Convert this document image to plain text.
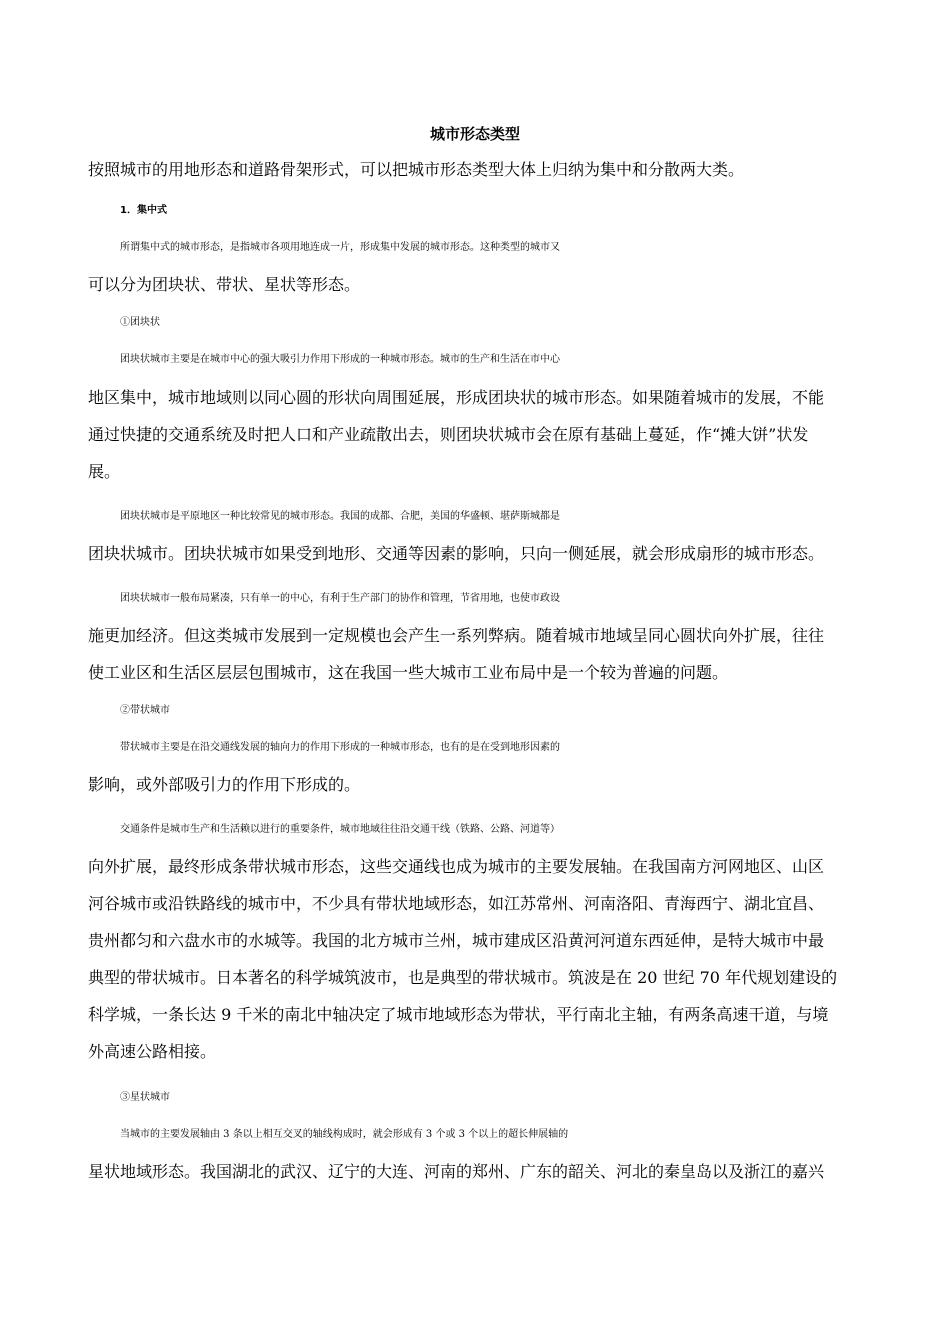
城市形态类型
按照城市的用地形态和道路骨架形式，可以把城市形态类型大体上归纳为集中和分散两大类。
1．集中式
所谓集中式的城市形态，是指城市各项用地连成一片，形成集中发展的城市形态。这种类型的城市又
可以分为团块状、带状、星状等形态。
①团块状
团块状城市主要是在城市中心的强大吸引力作用下形成的一种城市形态。城市的生产和生活在市中心
地区集中，城市地域则以同心圆的形状向周围延展，形成团块状的城市形态。如果随着城市的发展，不能
通过快捷的交通系统及时把人口和产业疏散出去，则团块状城市会在原有基础上蔓延，作“摊大饼”状发
展。
团块状城市是平原地区一种比较常见的城市形态。我国的成都、合肥，美国的华盛顿、堪萨斯城都是
团块状城市。团块状城市如果受到地形、交通等因素的影响，只向一侧延展，就会形成扇形的城市形态。
团块状城市一般布局紧凑，只有单一的中心，有利于生产部门的协作和管理，节省用地，也使市政设
施更加经济。但这类城市发展到一定规模也会产生一系列弊病。随着城市地域呈同心圆状向外扩展，往往
使工业区和生活区层层包围城市，这在我国一些大城市工业布局中是一个较为普遍的问题。
②带状城市
带状城市主要是在沿交通线发展的轴向力的作用下形成的一种城市形态，也有的是在受到地形因素的
影响，或外部吸引力的作用下形成的。
交通条件是城市生产和生活赖以进行的重要条件，城市地域往往沿交通干线（铁路、公路、河道等）
向外扩展，最终形成条带状城市形态，这些交通线也成为城市的主要发展轴。在我国南方河网地区、山区
河谷城市或沿铁路线的城市中，不少具有带状地域形态，如江苏常州、河南洛阳、青海西宁、湖北宜昌、
贵州都匀和六盘水市的水城等。我国的北方城市兰州，城市建成区沿黄河河道东西延伸，是特大城市中最
典型的带状城市。日本著名的科学城筑波市，也是典型的带状城市。筑波是在 20 世纪 70 年代规划建设的
科学城，一条长达 9 千米的南北中轴决定了城市地域形态为带状，平行南北主轴，有两条高速干道，与境
外高速公路相接。
③星状城市
当城市的主要发展轴由 3 条以上相互交叉的轴线构成时，就会形成有 3 个或 3 个以上的超长伸展轴的
星状地域形态。我国湖北的武汉、辽宁的大连、河南的郑州、广东的韶关、河北的秦皇岛以及浙江的嘉兴
